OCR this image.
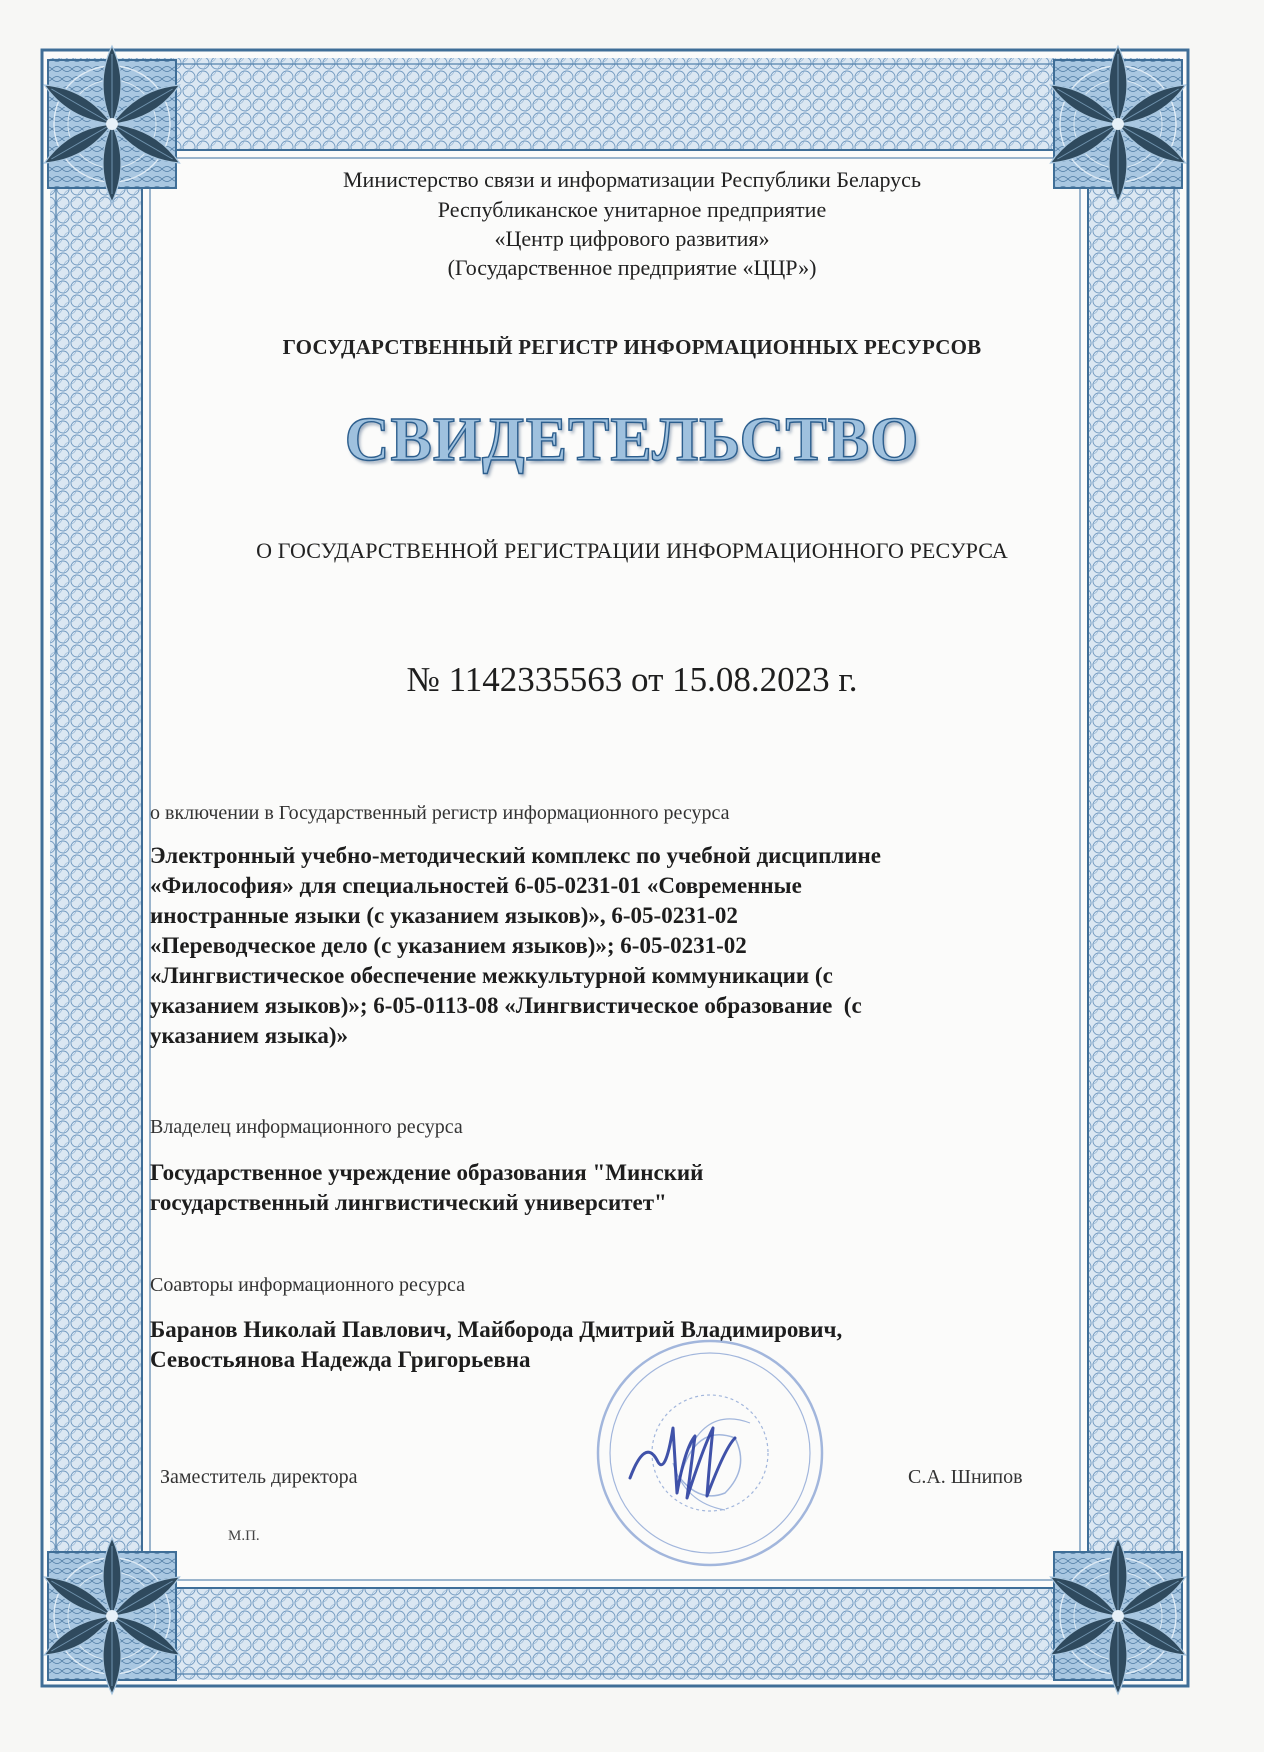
Министерство связи и информатизации Республики Беларусь
Республиканское унитарное предприятие
«Центр цифрового развития»
(Государственное предприятие «ЦЦР»)
ГОСУДАРСТВЕННЫЙ РЕГИСТР ИНФОРМАЦИОННЫХ РЕСУРСОВ
СВИДЕТЕЛЬСТВО
О ГОСУДАРСТВЕННОЙ РЕГИСТРАЦИИ ИНФОРМАЦИОННОГО РЕСУРСА
№ 1142335563 от 15.08.2023 г.
о включении в Государственный регистр информационного ресурса
Электронный учебно-методический комплекс по учебной дисциплине
«Философия» для специальностей 6-05-0231-01 «Современные
иностранные языки (с указанием языков)», 6-05-0231-02
«Переводческое дело (с указанием языков)»; 6-05-0231-02
«Лингвистическое обеспечение межкультурной коммуникации (с
указанием языков)»; 6-05-0113-08 «Лингвистическое образование  (с
указанием языка)»
Владелец информационного ресурса
Государственное учреждение образования "Минский
государственный лингвистический университет"
Соавторы информационного ресурса
Баранов Николай Павлович, Майборода Дмитрий Владимирович,
Севостьянова Надежда Григорьевна
Заместитель директора	С.А. Шнипов
М.П.
